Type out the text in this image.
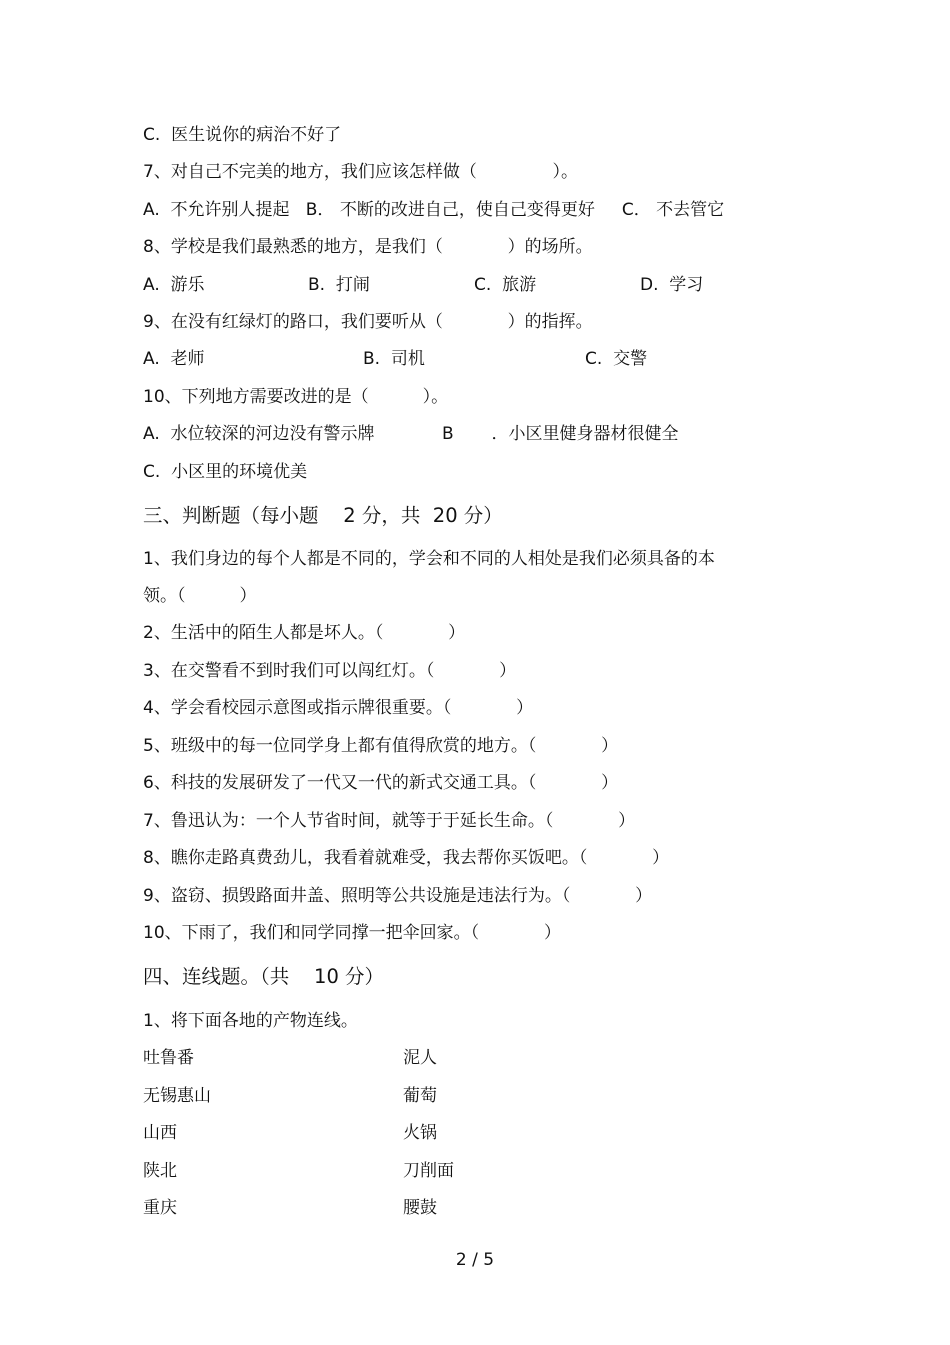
C.  医生说你的病治不好了
7、对自己不完美的地方，我们应该怎样做（              ）。
A.  不允许别人提起   B． 不断的改进自己，使自己变得更好     C． 不去管它
8、学校是我们最熟悉的地方，是我们（            ）的场所。
A.  游乐	B.  打闹	C.  旅游	D.  学习
9、在没有红绿灯的路口，我们要听从（            ）的指挥。
A.  老师	B.  司机	C.  交警
10、下列地方需要改进的是（          ）。
A.  水位较深的河边没有警示牌	B       ．小区里健身器材很健全
C.  小区里的环境优美
三、判断题（每小题    2 分，共  20 分）
1、我们身边的每个人都是不同的，学会和不同的人相处是我们必须具备的本
领。（          ）
2、生活中的陌生人都是坏人。（            ）
3、在交警看不到时我们可以闯红灯。（            ）
4、学会看校园示意图或指示牌很重要。（            ）
5、班级中的每一位同学身上都有值得欣赏的地方。（            ）
6、科技的发展研发了一代又一代的新式交通工具。（            ）
7、鲁迅认为：一个人节省时间，就等于于延长生命。（            ）
8、瞧你走路真费劲儿，我看着就难受，我去帮你买饭吧。（            ）
9、盗窃、损毁路面井盖、照明等公共设施是违法行为。（            ）
10、下雨了，我们和同学同撑一把伞回家。（            ）
四、连线题。（共    10 分）
1、将下面各地的产物连线。
吐鲁番	泥人
无锡惠山	葡萄
山西	火锅
陕北	刀削面
重庆	腰鼓
2 / 5
